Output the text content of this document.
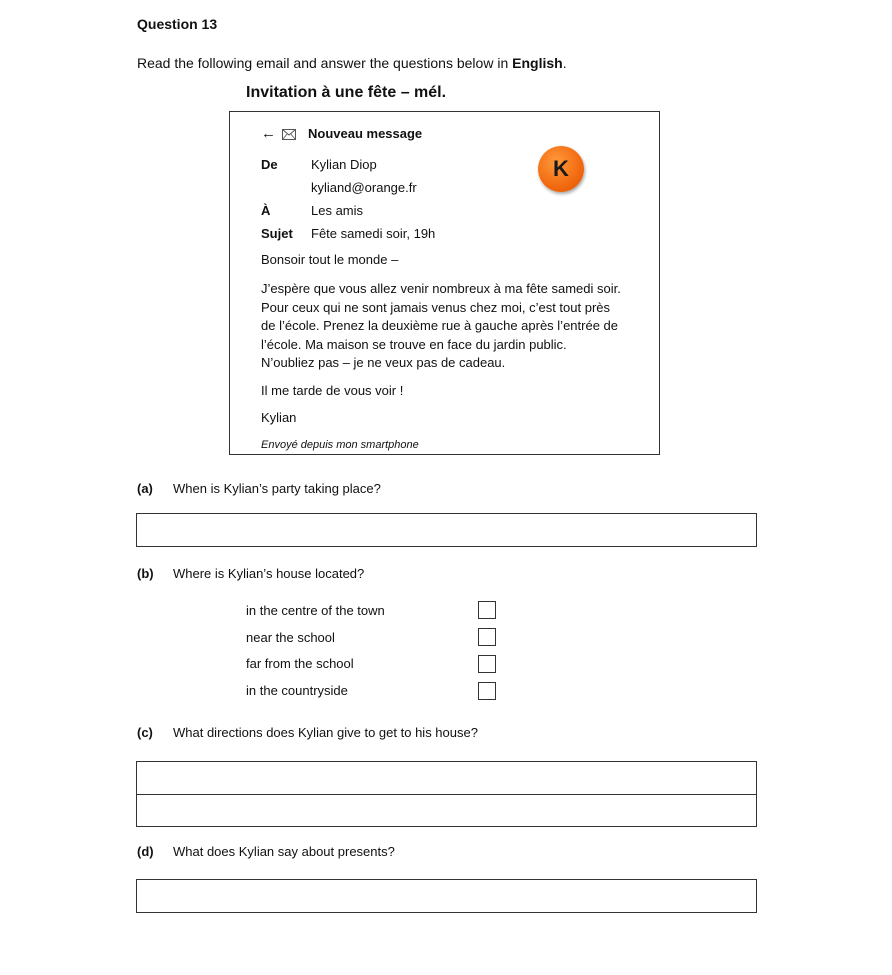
Question 13
Read the following email and answer the questions below in English.
Invitation à une fête – mél.
← Nouveau message
De	Kylian Diop
kyliand@orange.fr
À	Les amis
Sujet Fête samedi soir, 19h
K
Bonsoir tout le monde –
J’espère que vous allez venir nombreux à ma fête samedi soir.
Pour ceux qui ne sont jamais venus chez moi, c’est tout près
de l’école. Prenez la deuxième rue à gauche après l’entrée de
l’école. Ma maison se trouve en face du jardin public.
N’oubliez pas – je ne veux pas de cadeau.
Il me tarde de vous voir !
Kylian
Envoyé depuis mon smartphone
(a) When is Kylian’s party taking place?
(b) Where is Kylian’s house located?
in the centre of the town
near the school
far from the school
in the countryside
(c) What directions does Kylian give to get to his house?
(d) What does Kylian say about presents?
